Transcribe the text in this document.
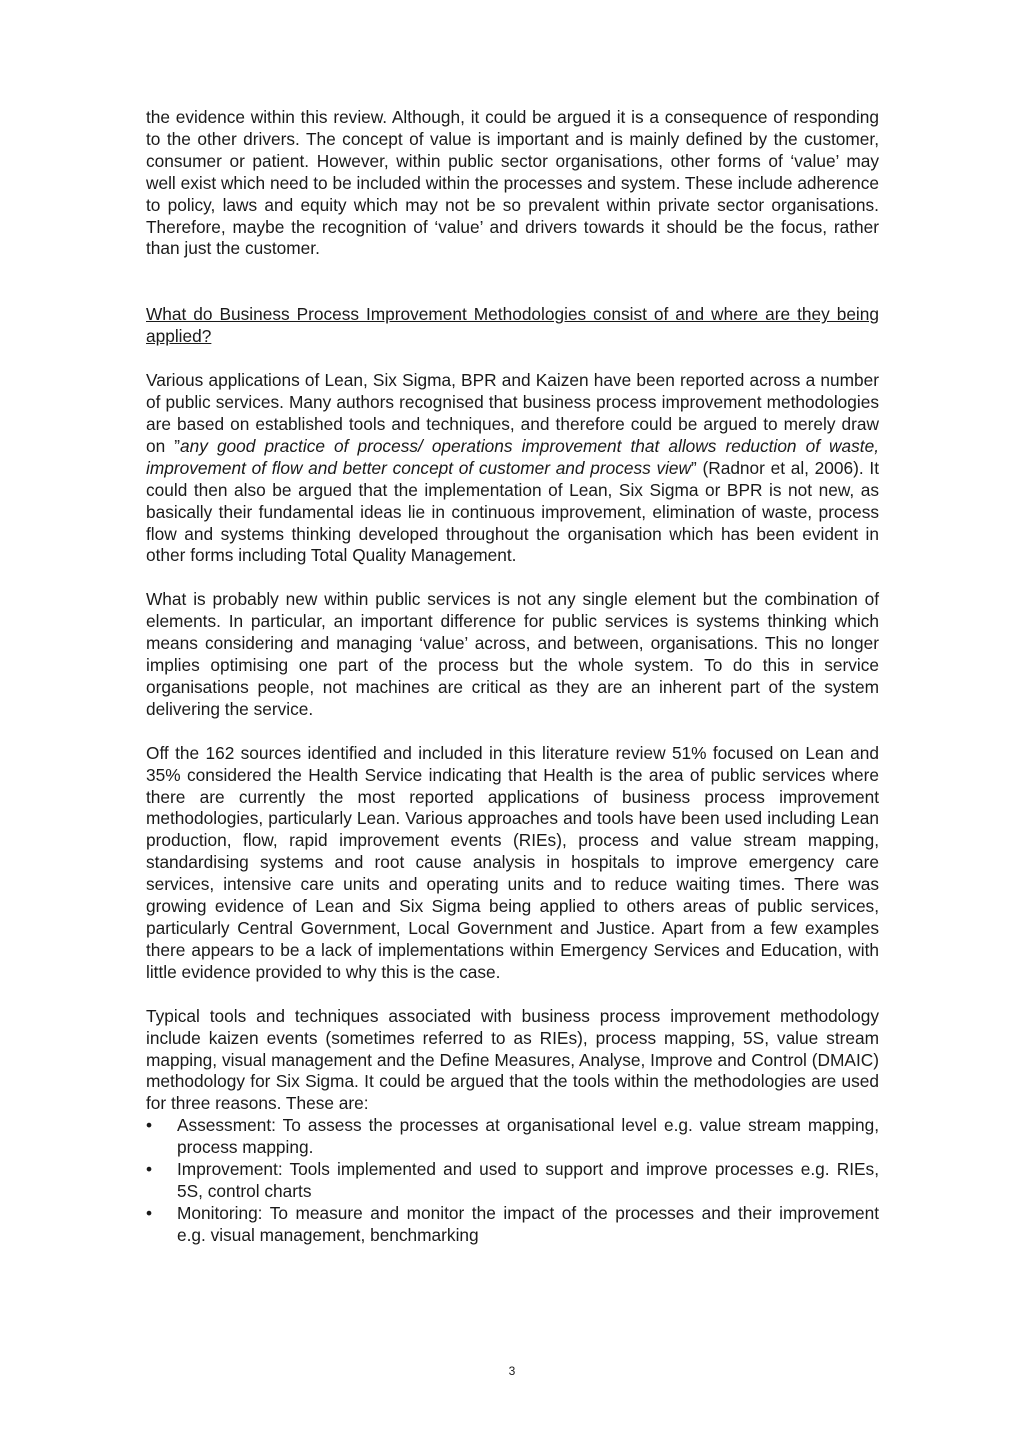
the evidence within this review. Although, it could be argued it is a consequence of responding to the other drivers. The concept of value is important and is mainly defined by the customer, consumer or patient. However, within public sector organisations, other forms of ‘value’ may well exist which need to be included within the processes and system. These include adherence to policy, laws and equity which may not be so prevalent within private sector organisations. Therefore, maybe the recognition of ‘value’ and drivers towards it should be the focus, rather than just the customer.

What do Business Process Improvement Methodologies consist of and where are they being applied?

Various applications of Lean, Six Sigma, BPR and Kaizen have been reported across a number of public services. Many authors recognised that business process improvement methodologies are based on established tools and techniques, and therefore could be argued to merely draw on ”any good practice of process/ operations improvement that allows reduction of waste, improvement of flow and better concept of customer and process view” (Radnor et al, 2006). It could then also be argued that the implementation of Lean, Six Sigma or BPR is not new, as basically their fundamental ideas lie in continuous improvement, elimination of waste, process flow and systems thinking developed throughout the organisation which has been evident in other forms including Total Quality Management.

What is probably new within public services is not any single element but the combination of elements. In particular, an important difference for public services is systems thinking which means considering and managing ‘value’ across, and between, organisations. This no longer implies optimising one part of the process but the whole system. To do this in service organisations people, not machines are critical as they are an inherent part of the system delivering the service.

Off the 162 sources identified and included in this literature review 51% focused on Lean and 35% considered the Health Service indicating that Health is the area of public services where there are currently the most reported applications of business process improvement methodologies, particularly Lean. Various approaches and tools have been used including Lean production, flow, rapid improvement events (RIEs), process and value stream mapping, standardising systems and root cause analysis in hospitals to improve emergency care services, intensive care units and operating units and to reduce waiting times. There was growing evidence of Lean and Six Sigma being applied to others areas of public services, particularly Central Government, Local Government and Justice. Apart from a few examples there appears to be a lack of implementations within Emergency Services and Education, with little evidence provided to why this is the case.

Typical tools and techniques associated with business process improvement methodology include kaizen events (sometimes referred to as RIEs), process mapping, 5S, value stream mapping, visual management and the Define Measures, Analyse, Improve and Control (DMAIC) methodology for Six Sigma. It could be argued that the tools within the methodologies are used for three reasons. These are:

• Assessment: To assess the processes at organisational level e.g. value stream mapping, process mapping.
• Improvement: Tools implemented and used to support and improve processes e.g. RIEs, 5S, control charts
• Monitoring: To measure and monitor the impact of the processes and their improvement e.g. visual management, benchmarking
3
